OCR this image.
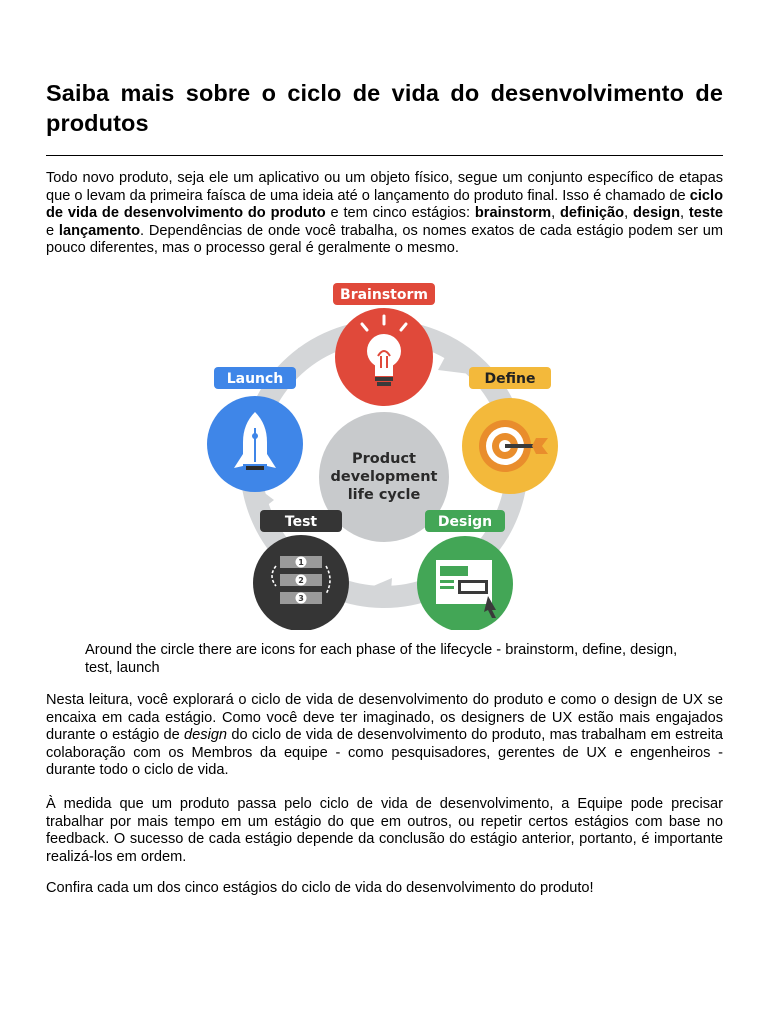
Saiba mais sobre o ciclo de vida do desenvolvimento de produtos

Todo novo produto, seja ele um aplicativo ou um objeto físico, segue um conjunto específico de etapas que o levam da primeira faísca de uma ideia até o lançamento do produto final. Isso é chamado de ciclo de vida de desenvolvimento do produto e tem cinco estágios: brainstorm, definição, design, teste e lançamento. Dependências de onde você trabalha, os nomes exatos de cada estágio podem ser um pouco diferentes, mas o processo geral é geralmente o mesmo.

Around the circle there are icons for each phase of the lifecycle - brainstorm, define, design, test, launch

Nesta leitura, você explorará o ciclo de vida de desenvolvimento do produto e como o design de UX se encaixa em cada estágio. Como você deve ter imaginado, os designers de UX estão mais engajados durante o estágio de design do ciclo de vida de desenvolvimento do produto, mas trabalham em estreita colaboração com os Membros da equipe - como pesquisadores, gerentes de UX e engenheiros - durante todo o ciclo de vida.

À medida que um produto passa pelo ciclo de vida de desenvolvimento, a Equipe pode precisar trabalhar por mais tempo em um estágio do que em outros, ou repetir certos estágios com base no feedback. O sucesso de cada estágio depende da conclusão do estágio anterior, portanto, é importante realizá-los em ordem.

Confira cada um dos cinco estágios do ciclo de vida do desenvolvimento do produto!

Product
development
life cycle
Brainstorm
Define
Design
Test
1
2
3
Launch
